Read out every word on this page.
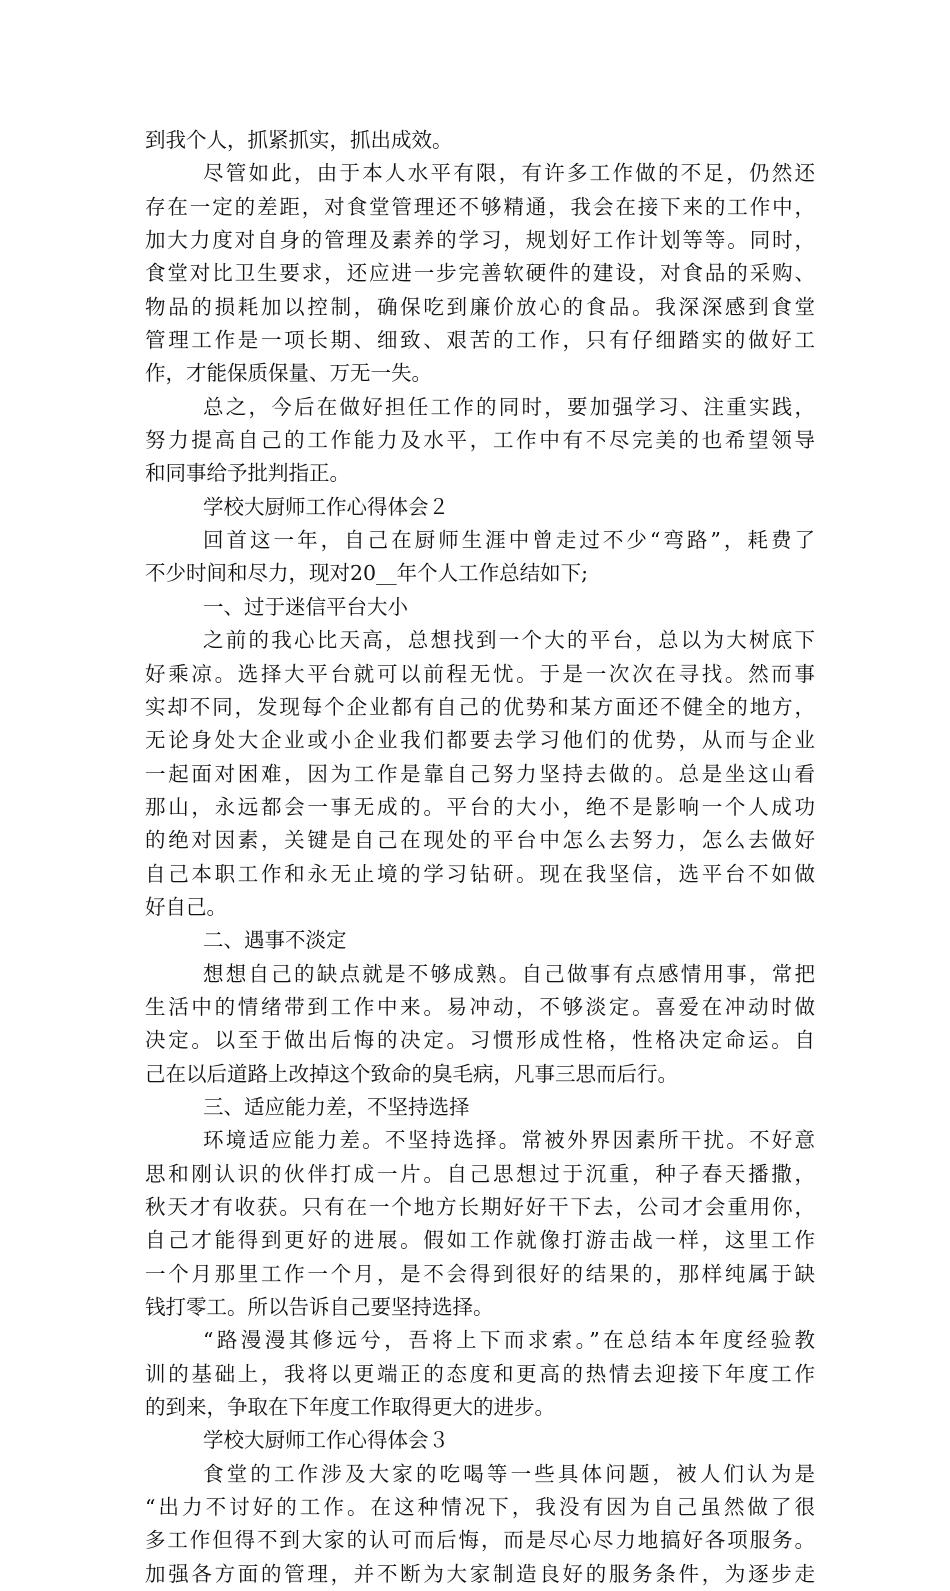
到我个人，抓紧抓实，抓出成效。
尽管如此，由于本人水平有限，有许多工作做的不足，仍然还
存在一定的差距，对食堂管理还不够精通，我会在接下来的工作中，
加大力度对自身的管理及素养的学习，规划好工作计划等等。同时，
食堂对比卫生要求，还应进一步完善软硬件的建设，对食品的采购、
物品的损耗加以控制，确保吃到廉价放心的食品。我深深感到食堂
管理工作是一项长期、细致、艰苦的工作，只有仔细踏实的做好工
作，才能保质保量、万无一失。
总之，今后在做好担任工作的同时，要加强学习、注重实践，
努力提高自己的工作能力及水平，工作中有不尽完美的也希望领导
和同事给予批判指正。
学校大厨师工作心得体会２
回首这一年，自己在厨师生涯中曾走过不少“弯路”，耗费了
不少时间和尽力，现对20__年个人工作总结如下;
一、过于迷信平台大小
之前的我心比天高，总想找到一个大的平台，总以为大树底下
好乘凉。选择大平台就可以前程无忧。于是一次次在寻找。然而事
实却不同，发现每个企业都有自己的优势和某方面还不健全的地方，
无论身处大企业或小企业我们都要去学习他们的优势，从而与企业
一起面对困难，因为工作是靠自己努力坚持去做的。总是坐这山看
那山，永远都会一事无成的。平台的大小，绝不是影响一个人成功
的绝对因素，关键是自己在现处的平台中怎么去努力，怎么去做好
自己本职工作和永无止境的学习钻研。现在我坚信，选平台不如做
好自己。
二、遇事不淡定
想想自己的缺点就是不够成熟。自己做事有点感情用事，常把
生活中的情绪带到工作中来。易冲动，不够淡定。喜爱在冲动时做
决定。以至于做出后悔的决定。习惯形成性格，性格决定命运。自
己在以后道路上改掉这个致命的臭毛病，凡事三思而后行。
三、适应能力差，不坚持选择
环境适应能力差。不坚持选择。常被外界因素所干扰。不好意
思和刚认识的伙伴打成一片。自己思想过于沉重，种子春天播撒，
秋天才有收获。只有在一个地方长期好好干下去，公司才会重用你，
自己才能得到更好的进展。假如工作就像打游击战一样，这里工作
一个月那里工作一个月，是不会得到很好的结果的，那样纯属于缺
钱打零工。所以告诉自己要坚持选择。
“路漫漫其修远兮，吾将上下而求索。”在总结本年度经验教
训的基础上，我将以更端正的态度和更高的热情去迎接下年度工作
的到来，争取在下年度工作取得更大的进步。
学校大厨师工作心得体会３
食堂的工作涉及大家的吃喝等一些具体问题，被人们认为是
“出力不讨好的工作。在这种情况下，我没有因为自己虽然做了很
多工作但得不到大家的认可而后悔，而是尽心尽力地搞好各项服务。
加强各方面的管理，并不断为大家制造良好的服务条件，为逐步走
